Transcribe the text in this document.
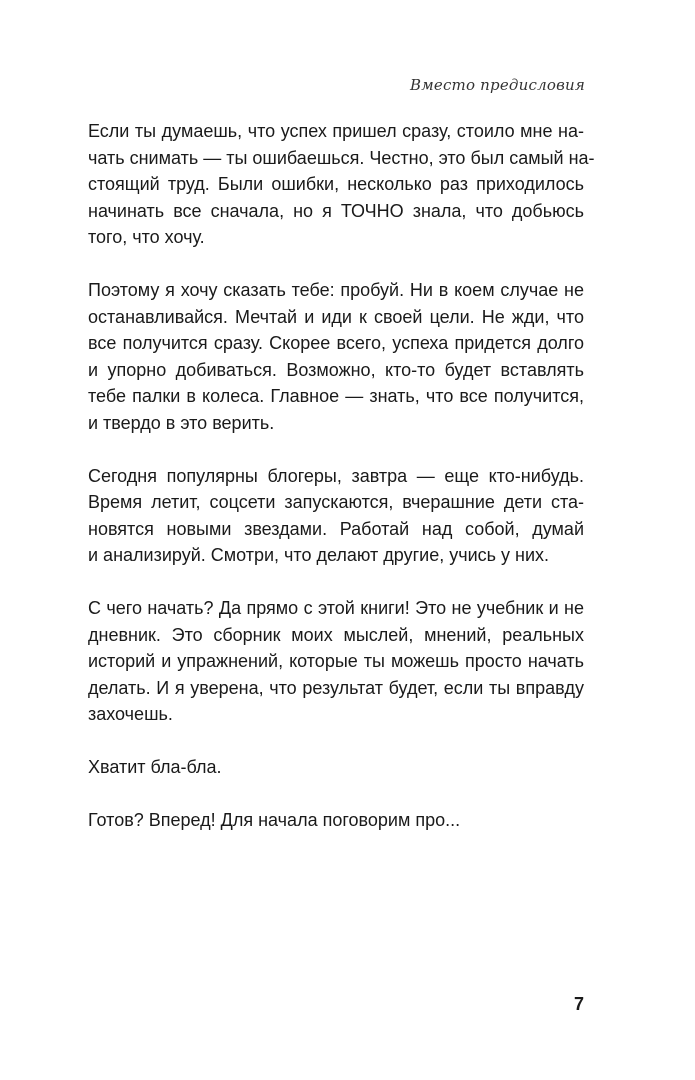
Вместо предисловия
Если ты думаешь, что успех пришел сразу, стоило мне на-
чать снимать — ты ошибаешься. Честно, это был самый на-
стоящий труд. Были ошибки, несколько раз приходилось
начинать все сначала, но я ТОЧНО знала, что добьюсь
того, что хочу.
Поэтому я хочу сказать тебе: пробуй. Ни в коем случае не
останавливайся. Мечтай и иди к своей цели. Не жди, что
все получится сразу. Скорее всего, успеха придется долго
и упорно добиваться. Возможно, кто-то будет вставлять
тебе палки в колеса. Главное — знать, что все получится,
и твердо в это верить.
Сегодня популярны блогеры, завтра — еще кто-нибудь.
Время летит, соцсети запускаются, вчерашние дети ста-
новятся новыми звездами. Работай над собой, думай
и анализируй. Смотри, что делают другие, учись у них.
С чего начать? Да прямо с этой книги! Это не учебник и не
дневник. Это сборник моих мыслей, мнений, реальных
историй и упражнений, которые ты можешь просто начать
делать. И я уверена, что результат будет, если ты вправду
захочешь.
Хватит бла-бла.
Готов? Вперед! Для начала поговорим про...
7
